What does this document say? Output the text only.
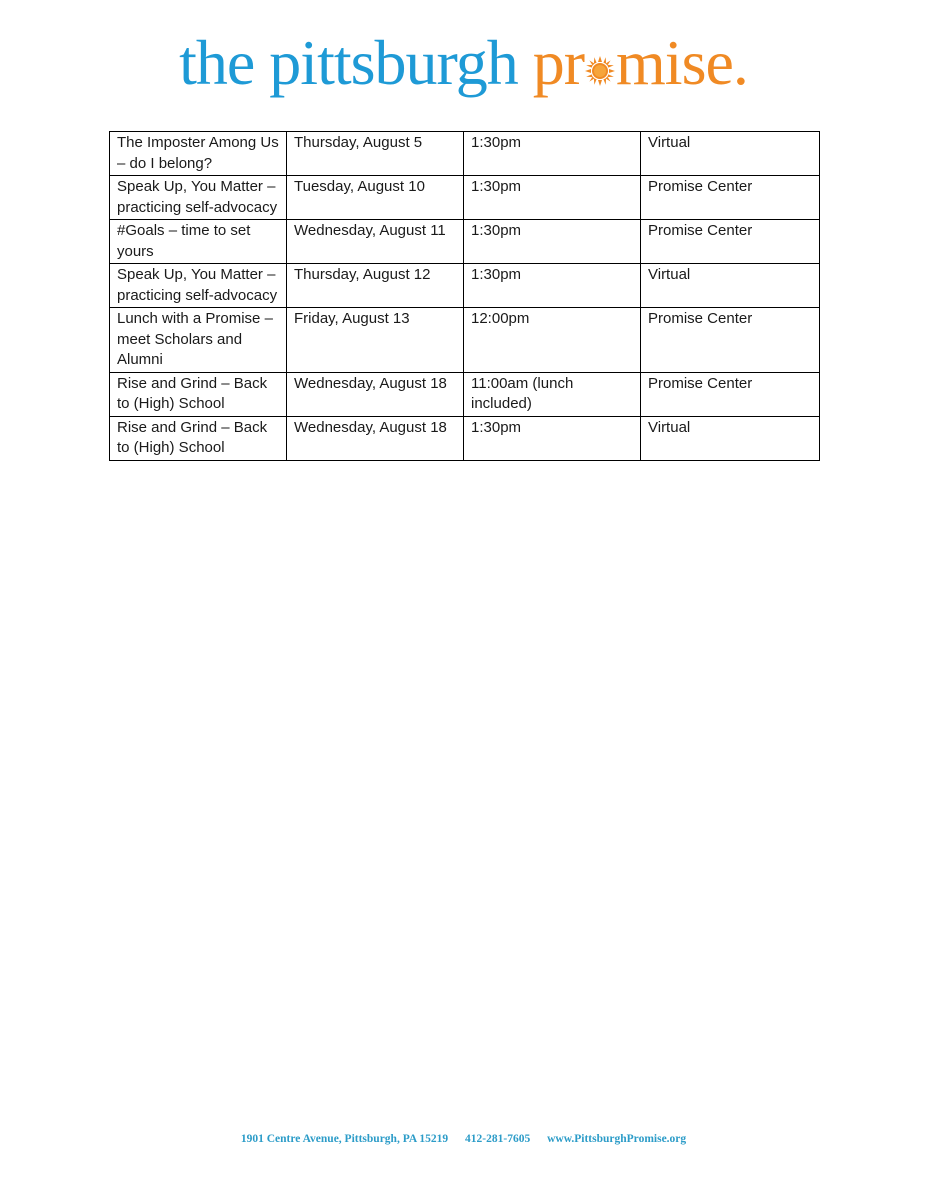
the pittsburgh pr mise.
The Imposter Among Us – do I belong?	Thursday, August 5	1:30pm	Virtual
Speak Up, You Matter – practicing self-advocacy	Tuesday, August 10	1:30pm	Promise Center
#Goals – time to set yours	Wednesday, August 11	1:30pm	Promise Center
Speak Up, You Matter – practicing self-advocacy	Thursday, August 12	1:30pm	Virtual
Lunch with a Promise – meet Scholars and Alumni	Friday, August 13	12:00pm	Promise Center
Rise and Grind – Back to (High) School	Wednesday, August 18	11:00am (lunch included)	Promise Center
Rise and Grind – Back to (High) School	Wednesday, August 18	1:30pm	Virtual
1901 Centre Avenue, Pittsburgh, PA 15219 412-281-7605 www.PittsburghPromise.org
